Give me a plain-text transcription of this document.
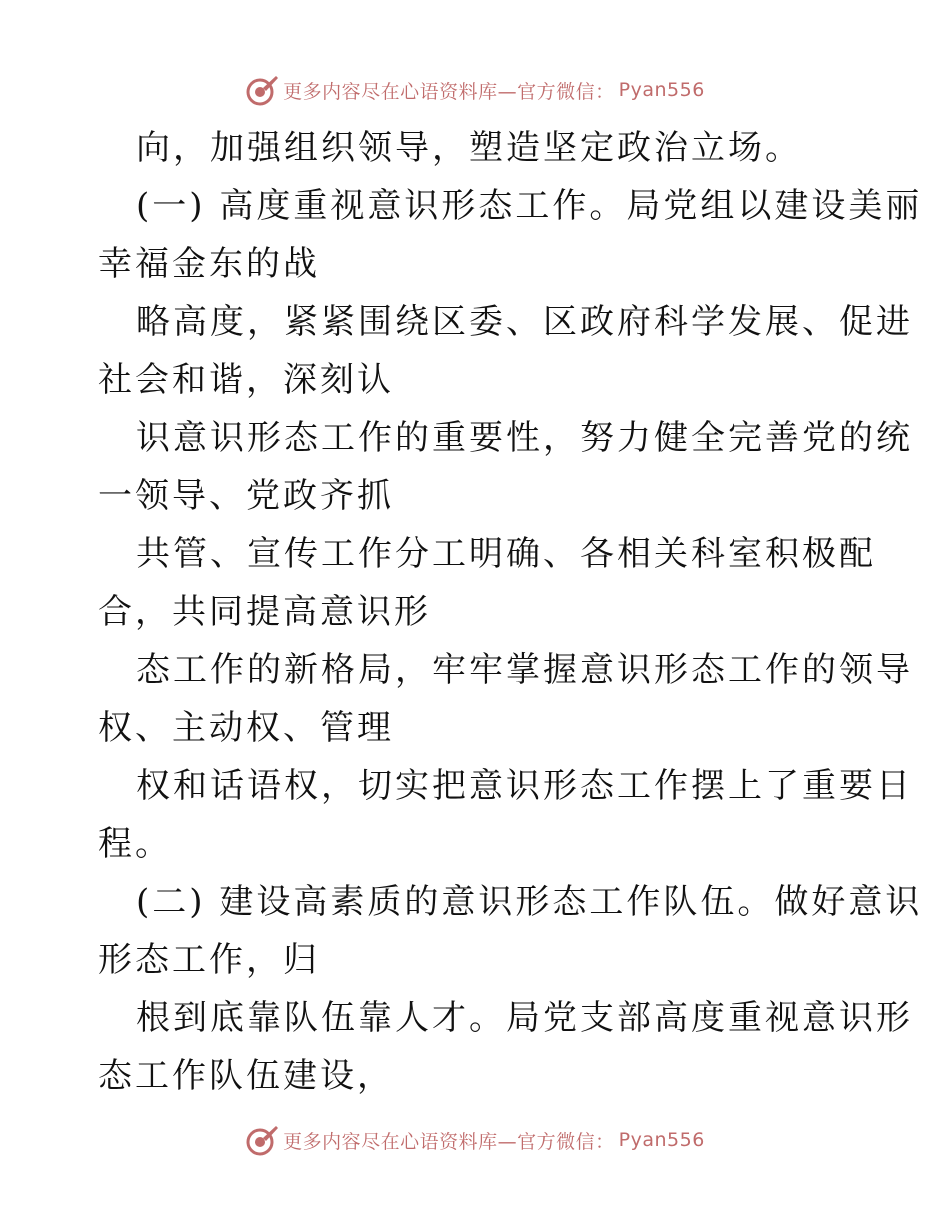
更多内容尽在心语资料库—官方微信： Pyan556
向，加强组织领导，塑造坚定政治立场。
(一) 高度重视意识形态工作。局党组以建设美丽
幸福金东的战
略高度，紧紧围绕区委、区政府科学发展、促进
社会和谐，深刻认
识意识形态工作的重要性，努力健全完善党的统
一领导、党政齐抓
共管、宣传工作分工明确、各相关科室积极配
合，共同提高意识形
态工作的新格局，牢牢掌握意识形态工作的领导
权、主动权、管理
权和话语权，切实把意识形态工作摆上了重要日
程。
(二) 建设高素质的意识形态工作队伍。做好意识
形态工作，归
根到底靠队伍靠人才。局党支部高度重视意识形
态工作队伍建设，
更多内容尽在心语资料库—官方微信： Pyan556
